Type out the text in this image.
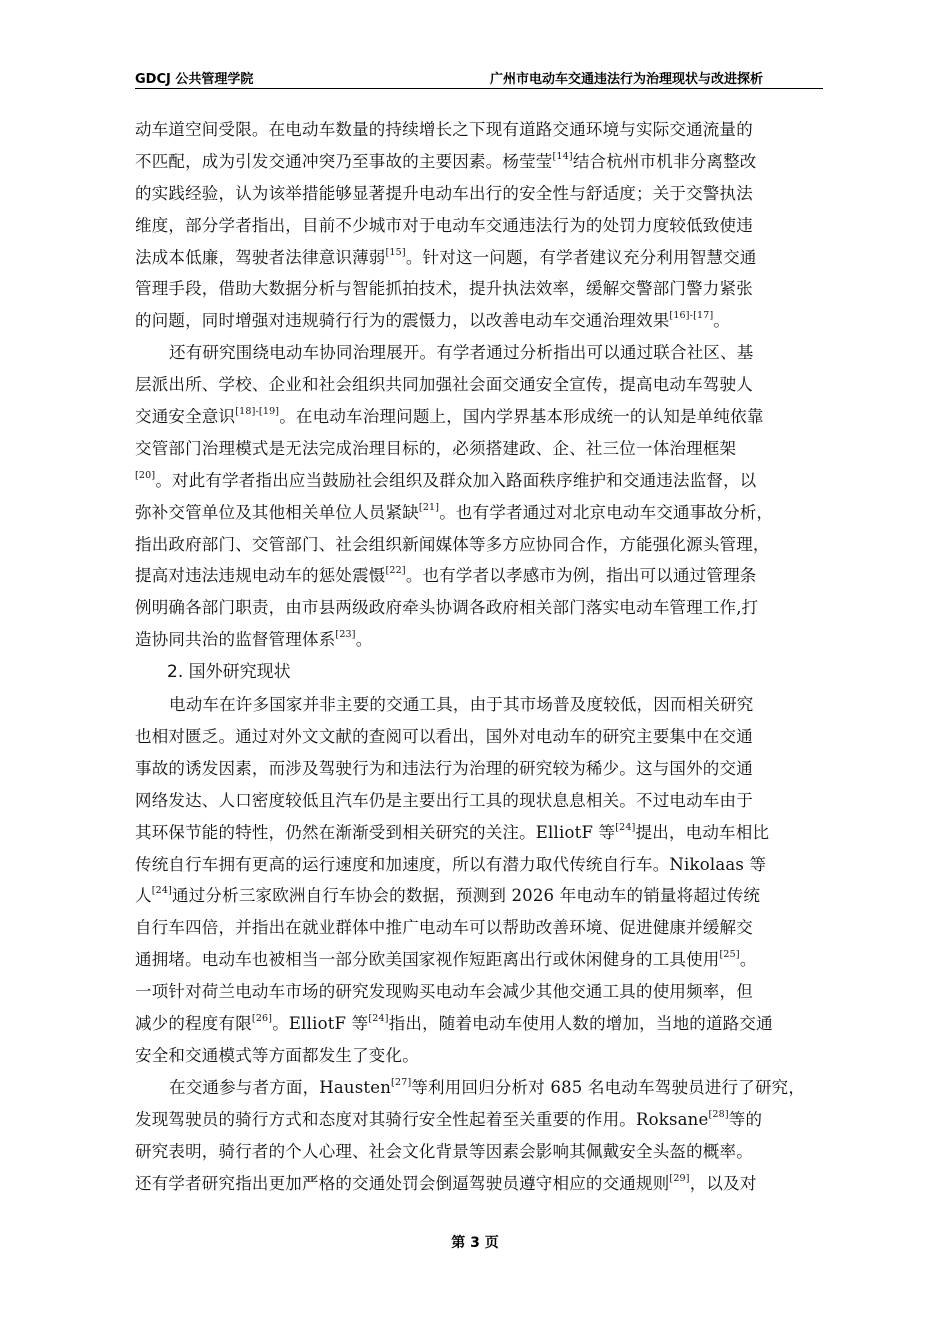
GDCJ 公共管理学院	广州市电动车交通违法行为治理现状与改进探析
动车道空间受限。在电动车数量的持续增长之下现有道路交通环境与实际交通流量的
不匹配，成为引发交通冲突乃至事故的主要因素。杨莹莹[14]结合杭州市机非分离整改
的实践经验，认为该举措能够显著提升电动车出行的安全性与舒适度；关于交警执法
维度，部分学者指出，目前不少城市对于电动车交通违法行为的处罚力度较低致使违
法成本低廉，驾驶者法律意识薄弱[15]。针对这一问题，有学者建议充分利用智慧交通
管理手段，借助大数据分析与智能抓拍技术，提升执法效率，缓解交警部门警力紧张
的问题，同时增强对违规骑行行为的震慑力，以改善电动车交通治理效果[16]-[17]。
还有研究围绕电动车协同治理展开。有学者通过分析指出可以通过联合社区、基
层派出所、学校、企业和社会组织共同加强社会面交通安全宣传，提高电动车驾驶人
交通安全意识[18]-[19]。在电动车治理问题上，国内学界基本形成统一的认知是单纯依靠
交管部门治理模式是无法完成治理目标的，必须搭建政、企、社三位一体治理框架
[20]。对此有学者指出应当鼓励社会组织及群众加入路面秩序维护和交通违法监督，以
弥补交管单位及其他相关单位人员紧缺[21]。也有学者通过对北京电动车交通事故分析，
指出政府部门、交管部门、社会组织新闻媒体等多方应协同合作，方能强化源头管理，
提高对违法违规电动车的惩处震慑[22]。也有学者以孝感市为例，指出可以通过管理条
例明确各部门职责，由市县两级政府牵头协调各政府相关部门落实电动车管理工作,打
造协同共治的监督管理体系[23]。
2. 国外研究现状
电动车在许多国家并非主要的交通工具，由于其市场普及度较低，因而相关研究
也相对匮乏。通过对外文文献的查阅可以看出，国外对电动车的研究主要集中在交通
事故的诱发因素，而涉及驾驶行为和违法行为治理的研究较为稀少。这与国外的交通
网络发达、人口密度较低且汽车仍是主要出行工具的现状息息相关。不过电动车由于
其环保节能的特性，仍然在渐渐受到相关研究的关注。ElliotF 等[24]提出，电动车相比
传统自行车拥有更高的运行速度和加速度，所以有潜力取代传统自行车。Nikolaas 等
人[24]通过分析三家欧洲自行车协会的数据，预测到 2026 年电动车的销量将超过传统
自行车四倍，并指出在就业群体中推广电动车可以帮助改善环境、促进健康并缓解交
通拥堵。电动车也被相当一部分欧美国家视作短距离出行或休闲健身的工具使用[25]。
一项针对荷兰电动车市场的研究发现购买电动车会减少其他交通工具的使用频率，但
减少的程度有限[26]。ElliotF 等[24]指出，随着电动车使用人数的增加，当地的道路交通
安全和交通模式等方面都发生了变化。
在交通参与者方面，Hausten[27]等利用回归分析对 685 名电动车驾驶员进行了研究，
发现驾驶员的骑行方式和态度对其骑行安全性起着至关重要的作用。Roksane[28]等的
研究表明，骑行者的个人心理、社会文化背景等因素会影响其佩戴安全头盔的概率。
还有学者研究指出更加严格的交通处罚会倒逼驾驶员遵守相应的交通规则[29]，以及对
第 3 页
